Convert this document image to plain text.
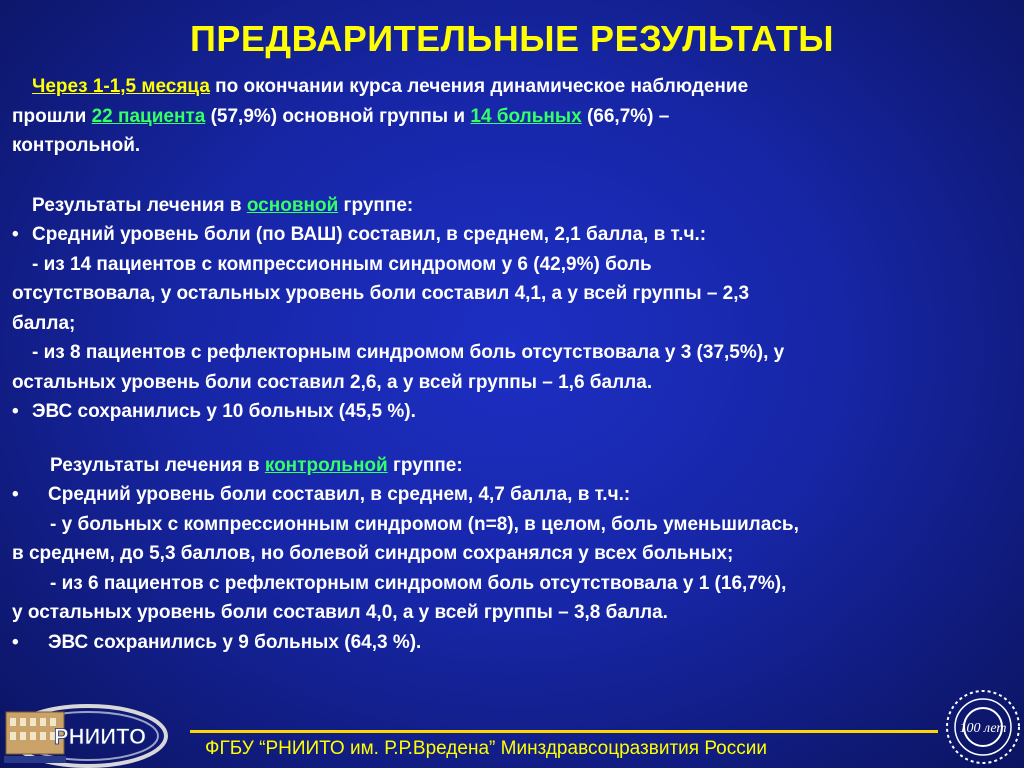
ПРЕДВАРИТЕЛЬНЫЕ РЕЗУЛЬТАТЫ

Через 1-1,5 месяца по окончании курса лечения динамическое наблюдение

прошли 22 пациента (57,9%) основной группы и 14 больных (66,7%) –

контрольной.

Результаты лечения в основной группе:

• Средний уровень боли (по ВАШ) составил, в среднем, 2,1 балла, в т.ч.:

- из 14 пациентов с компрессионным синдромом у 6 (42,9%) боль

отсутствовала, у остальных уровень боли составил 4,1, а у всей группы – 2,3

балла;

- из 8 пациентов с рефлекторным синдромом боль отсутствовала у 3 (37,5%), у

остальных уровень боли составил 2,6, а у всей группы – 1,6 балла.

• ЭВС сохранились у 10 больных (45,5 %).

Результаты лечения в контрольной группе:

• Средний уровень боли составил, в среднем, 4,7 балла, в т.ч.:

- у больных с компрессионным синдромом (n=8), в целом, боль уменьшилась,

в среднем, до 5,3 баллов, но болевой синдром сохранялся у всех больных;

- из 6 пациентов с рефлекторным синдромом боль отсутствовала у 1 (16,7%),

у остальных уровень боли составил 4,0, а у всей группы – 3,8 балла.

• ЭВС сохранились у 9 больных (64,3 %).

РНИИТО	ФГБУ “РНИИТО им. Р.Р.Вредена” Минздравсоцразвития России
100 лет
